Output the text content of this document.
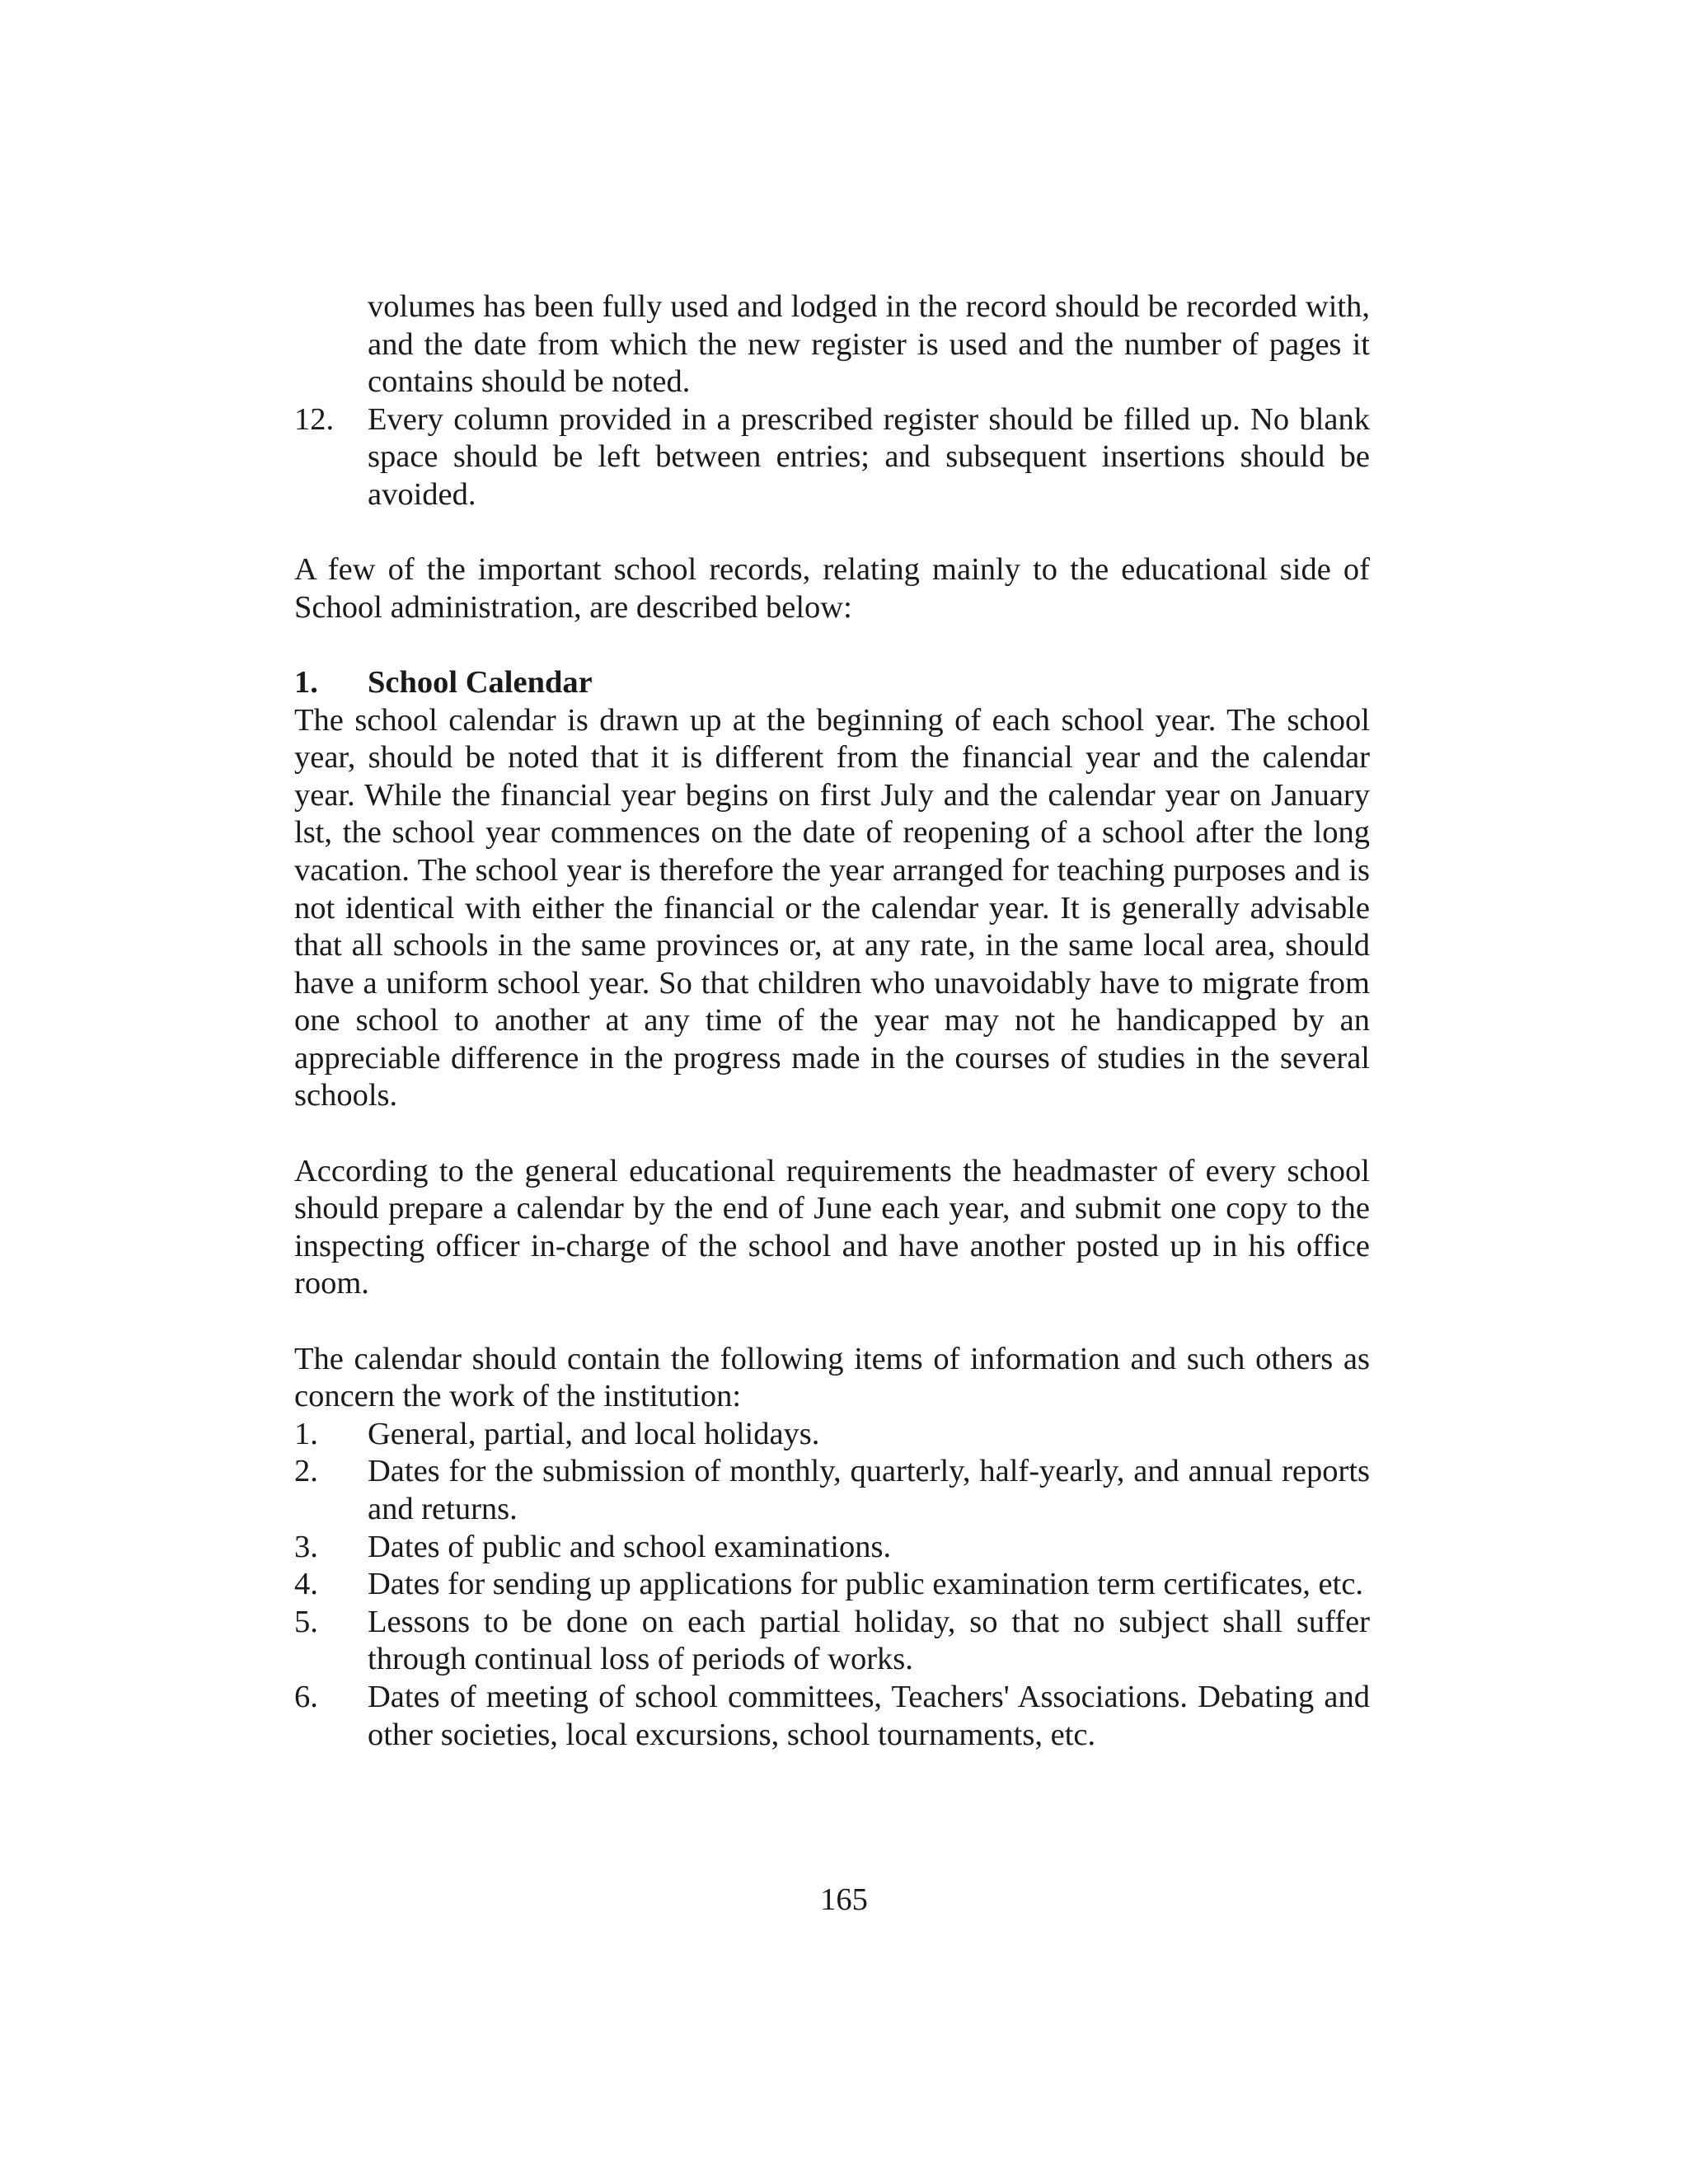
volumes has been fully used and lodged in the record should be recorded with, and the date from which the new register is used and the number of pages it contains should be noted.
12. Every column provided in a prescribed register should be filled up. No blank space should be left between entries; and subsequent insertions should be avoided.

A few of the important school records, relating mainly to the educational side of School administration, are described below:

1. School Calendar

The school calendar is drawn up at the beginning of each school year. The school year, should be noted that it is different from the financial year and the calendar year. While the financial year begins on first July and the calendar year on January lst, the school year commences on the date of reopening of a school after the long vacation. The school year is therefore the year arranged for teaching purposes and is not identical with either the financial or the calendar year. It is generally advisable that all schools in the same provinces or, at any rate, in the same local area, should have a uniform school year. So that children who unavoidably have to migrate from one school to another at any time of the year may not he handicapped by an appreciable difference in the progress made in the courses of studies in the several schools.

According to the general educational requirements the headmaster of every school should prepare a calendar by the end of June each year, and submit one copy to the inspecting officer in-charge of the school and have another posted up in his office room.

The calendar should contain the following items of information and such others as concern the work of the institution:

1. General, partial, and local holidays.
2. Dates for the submission of monthly, quarterly, half-yearly, and annual reports and returns.
3. Dates of public and school examinations.
4. Dates for sending up applications for public examination term certificates, etc.
5. Lessons to be done on each partial holiday, so that no subject shall suffer through continual loss of periods of works.
6. Dates of meeting of school committees, Teachers' Associations. Debating and other societies, local excursions, school tournaments, etc.
165
